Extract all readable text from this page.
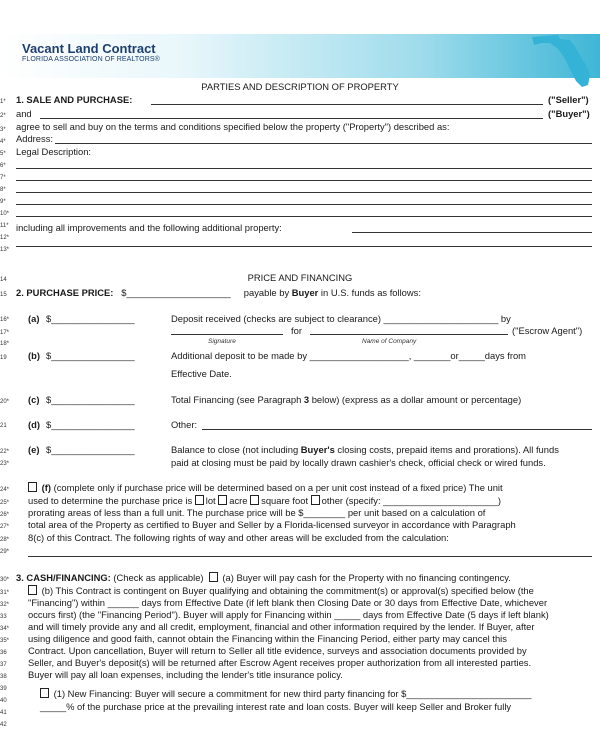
Vacant Land Contract
FLORIDA ASSOCIATION OF REALTORS®
1*
2*
3*
4*
5*
6*
7*
8*
9*
10*
11*
12*
13*
14
15
16*
17*
18*
19
20*
21
22*
23*
24*
25*
26*
27*
28*
29*
30*
31*
32*
33
34*
35*
36
37
38
39
40
41
42
PARTIES AND DESCRIPTION OF PROPERTY
1. SALE AND PURCHASE:	("Seller")
and	("Buyer")
agree to sell and buy on the terms and conditions specified below the property ("Property") described as:
Address:
Legal Description:
including all improvements and the following additional property:
PRICE AND FINANCING
2. PURCHASE PRICE: $____________________ payable by Buyer in U.S. funds as follows:
(a) $________________	Deposit received (checks are subject to clearance) ______________________ by
for	("Escrow Agent")
Signature	Name of Company
(b) $________________	Additional deposit to be made by ___________________, _______or_____days from
Effective Date.
(c) $________________	Total Financing (see Paragraph 3 below) (express as a dollar amount or percentage)
(d) $________________	Other:
(e) $________________	Balance to close (not including Buyer's closing costs, prepaid items and prorations). All funds
paid at closing must be paid by locally drawn cashier's check, official check or wired funds.
(f) (complete only if purchase price will be determined based on a per unit cost instead of a fixed price) The unit
used to determine the purchase price is lot acre square foot other (specify: ______________________)
prorating areas of less than a full unit. The purchase price will be $________ per unit based on a calculation of
total area of the Property as certified to Buyer and Seller by a Florida-licensed surveyor in accordance with Paragraph
8(c) of this Contract. The following rights of way and other areas will be excluded from the calculation:
3. CASH/FINANCING: (Check as applicable) (a) Buyer will pay cash for the Property with no financing contingency.
(b) This Contract is contingent on Buyer qualifying and obtaining the commitment(s) or approval(s) specified below (the
"Financing") within ______ days from Effective Date (if left blank then Closing Date or 30 days from Effective Date, whichever
occurs first) (the "Financing Period"). Buyer will apply for Financing within _____ days from Effective Date (5 days if left blank)
and will timely provide any and all credit, employment, financial and other information required by the lender. If Buyer, after
using diligence and good faith, cannot obtain the Financing within the Financing Period, either party may cancel this
Contract. Upon cancellation, Buyer will return to Seller all title evidence, surveys and association documents provided by
Seller, and Buyer's deposit(s) will be returned after Escrow Agent receives proper authorization from all interested parties.
Buyer will pay all loan expenses, including the lender's title insurance policy.
(1) New Financing: Buyer will secure a commitment for new third party financing for $________________________
_____% of the purchase price at the prevailing interest rate and loan costs. Buyer will keep Seller and Broker fully
